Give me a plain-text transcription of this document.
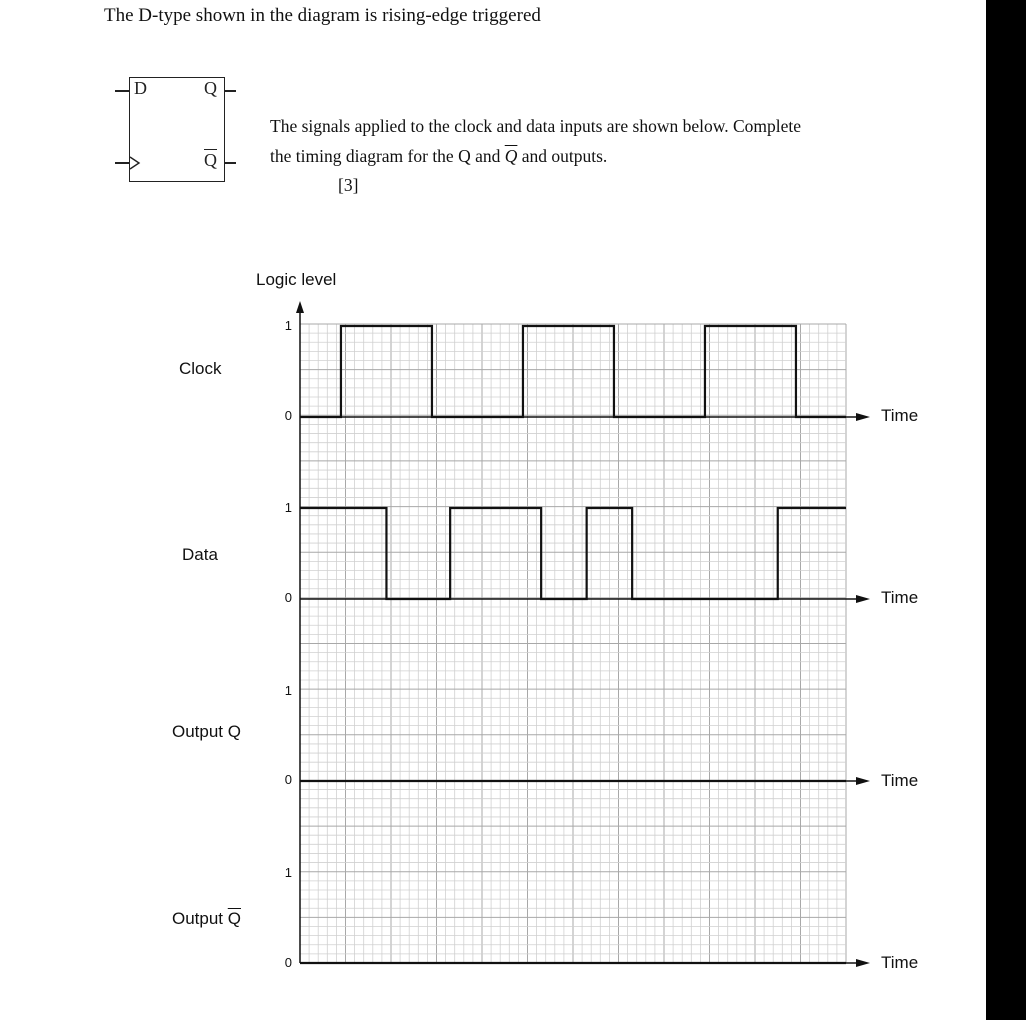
The D-type shown in the diagram is rising-edge triggered
D	Q
$\overline{Q}$
The signals applied to the clock and data inputs are shown below. Complete
the timing diagram for the Q and $\overline{Q}$ and outputs.
[3]
Logic level
Clock
Data
Output Q
Output $\overline{Q}$
1
0
1
0
1
0
1
0
Time
Time
Time
Time
